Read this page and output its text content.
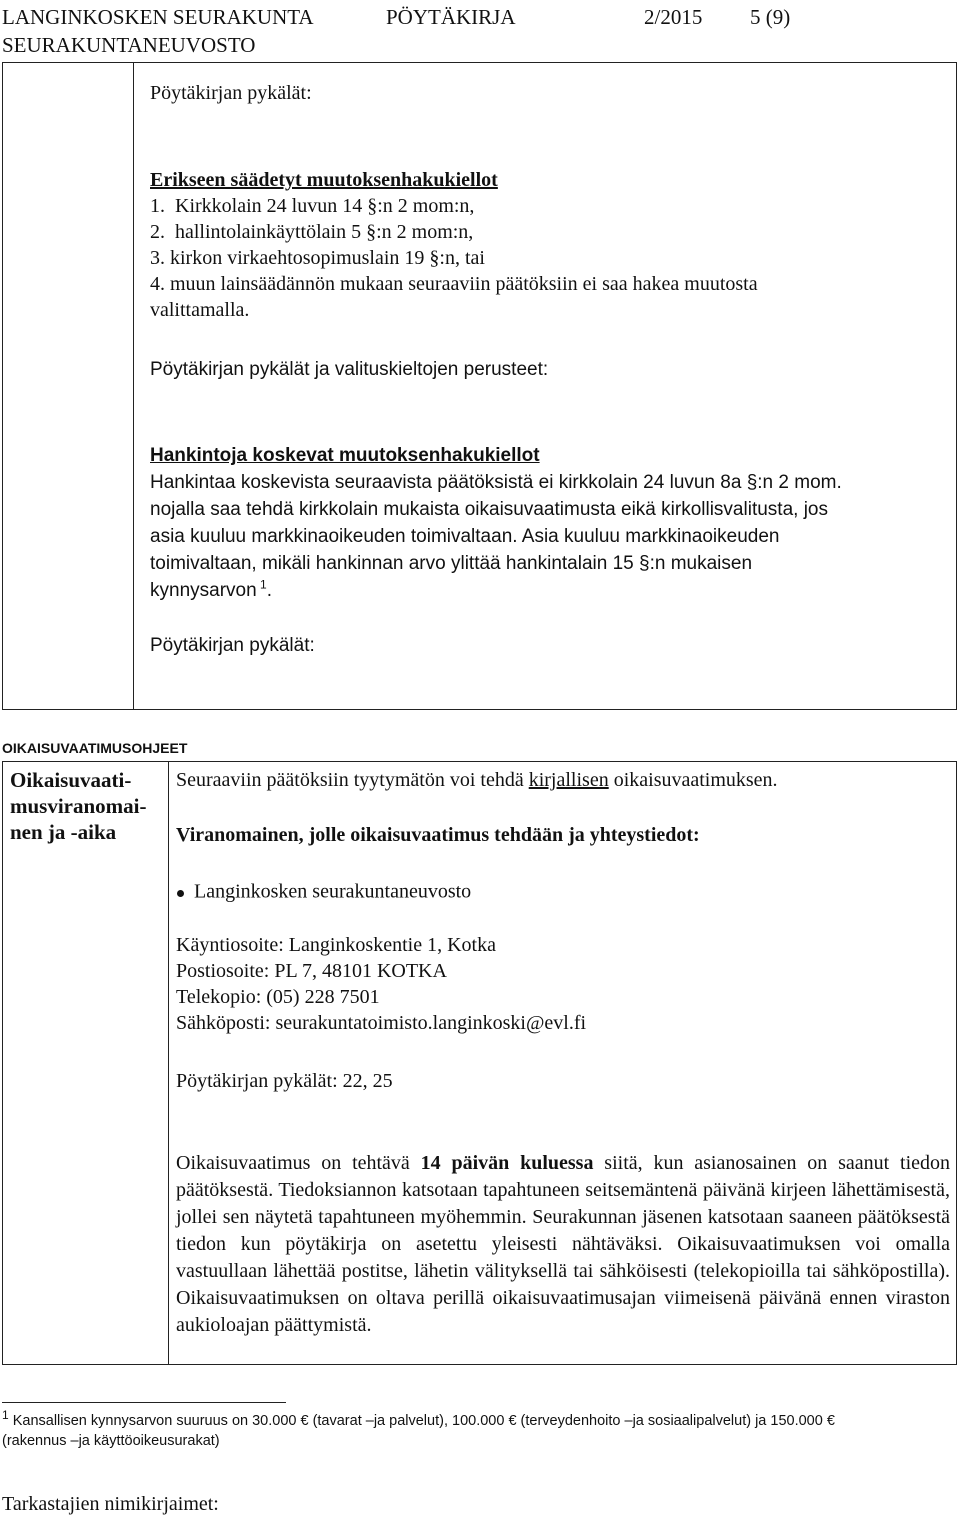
LANGINKOSKEN SEURAKUNTA
SEURAKUNTANEUVOSTO
PÖYTÄKIRJA	2/2015 5 (9)
Pöytäkirjan pykälät:
Erikseen säädetyt muutoksenhakukiellot
1. Kirkkolain 24 luvun 14 §:n 2 mom:n,
2. hallintolainkäyttölain 5 §:n 2 mom:n,
3. kirkon virkaehtosopimuslain 19 §:n, tai
4. muun lainsäädännön mukaan seuraaviin päätöksiin ei saa hakea muutosta
valittamalla.
Pöytäkirjan pykälät ja valituskieltojen perusteet:
Hankintoja koskevat muutoksenhakukiellot
Hankintaa koskevista seuraavista päätöksistä ei kirkkolain 24 luvun 8a §:n 2 mom.
nojalla saa tehdä kirkkolain mukaista oikaisuvaatimusta eikä kirkollisvalitusta, jos
asia kuuluu markkinaoikeuden toimivaltaan. Asia kuuluu markkinaoikeuden
toimivaltaan, mikäli hankinnan arvo ylittää hankintalain 15 §:n mukaisen
kynnysarvon $^1$.
Pöytäkirjan pykälät:
OIKAISUVAATIMUSOHJEET
Oikaisuvaati-
musviranomai-
nen ja -aika
Seuraaviin päätöksiin tyytymätön voi tehdä kirjallisen oikaisuvaatimuksen.
Viranomainen, jolle oikaisuvaatimus tehdään ja yhteystiedot:
Langinkosken seurakuntaneuvosto
Käyntiosoite: Langinkoskentie 1, Kotka
Postiosoite: PL 7, 48101 KOTKA
Telekopio: (05) 228 7501
Sähköposti: seurakuntatoimisto.langinkoski@evl.fi
Pöytäkirjan pykälät: 22, 25
Oikaisuvaatimus on tehtävä 14 päivän kuluessa siitä, kun asianosainen on saanut tiedon päätöksestä. Tiedoksiannon katsotaan tapahtuneen seitsemäntenä päivänä kirjeen lähettämisestä, jollei sen näytetä tapahtuneen myöhemmin. Seurakunnan jäsenen katsotaan saaneen päätöksestä tiedon kun pöytäkirja on asetettu yleisesti nähtäväksi. Oikaisuvaatimuksen voi omalla vastuullaan lähettää postitse, lähetin välityksellä tai sähköisesti (telekopioilla tai sähköpostilla). Oikaisuvaatimuksen on oltava perillä oikaisuvaatimusajan viimeisenä päivänä ennen viraston aukioloajan päättymistä.
$^1$ Kansallisen kynnysarvon suuruus on 30.000 € (tavarat –ja palvelut), 100.000 € (terveydenhoito –ja sosiaalipalvelut) ja 150.000 €
(rakennus –ja käyttöoikeusurakat)
Tarkastajien nimikirjaimet:
